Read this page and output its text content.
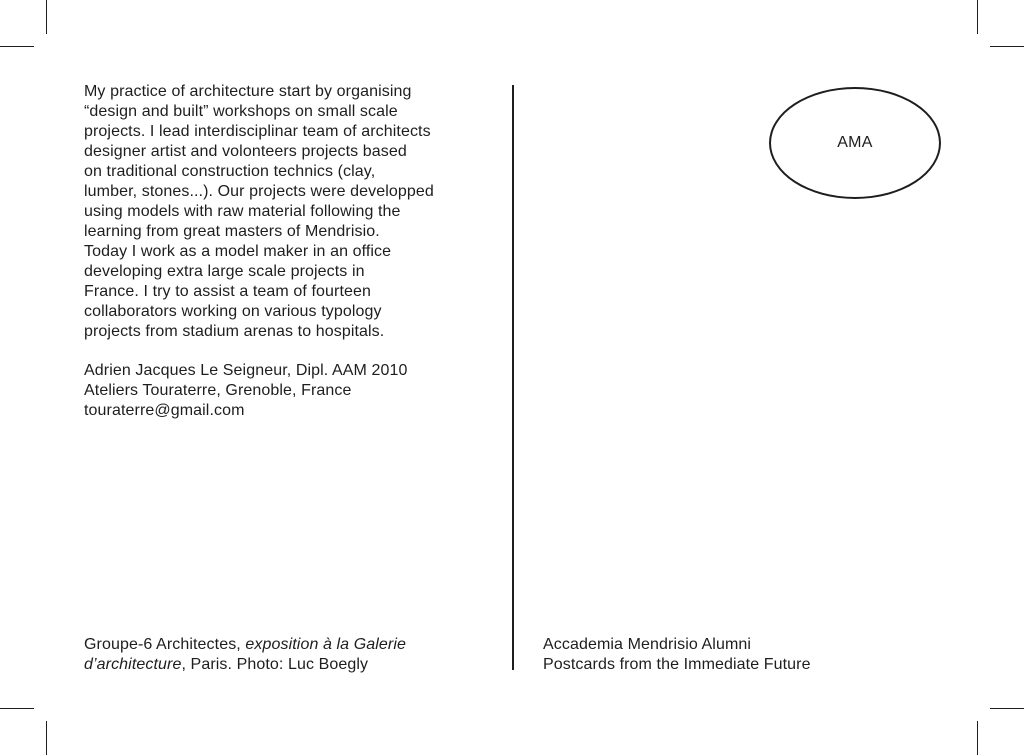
My practice of architecture start by organising
“design and built” workshops on small scale
projects. I lead interdisciplinar team of architects
designer artist and volonteers projects based
on traditional construction technics (clay,
lumber, stones...). Our projects were developped
using models with raw material following the
learning from great masters of Mendrisio.
Today I work as a model maker in an office
developing extra large scale projects in
France. I try to assist a team of fourteen
collaborators working on various typology
projects from stadium arenas to hospitals.
Adrien Jacques Le Seigneur, Dipl. AAM 2010
Ateliers Touraterre, Grenoble, France
touraterre@gmail.com
Groupe-6 Architectes, exposition à la Galerie
d’architecture, Paris. Photo: Luc Boegly
AMA
Accademia Mendrisio Alumni
Postcards from the Immediate Future
